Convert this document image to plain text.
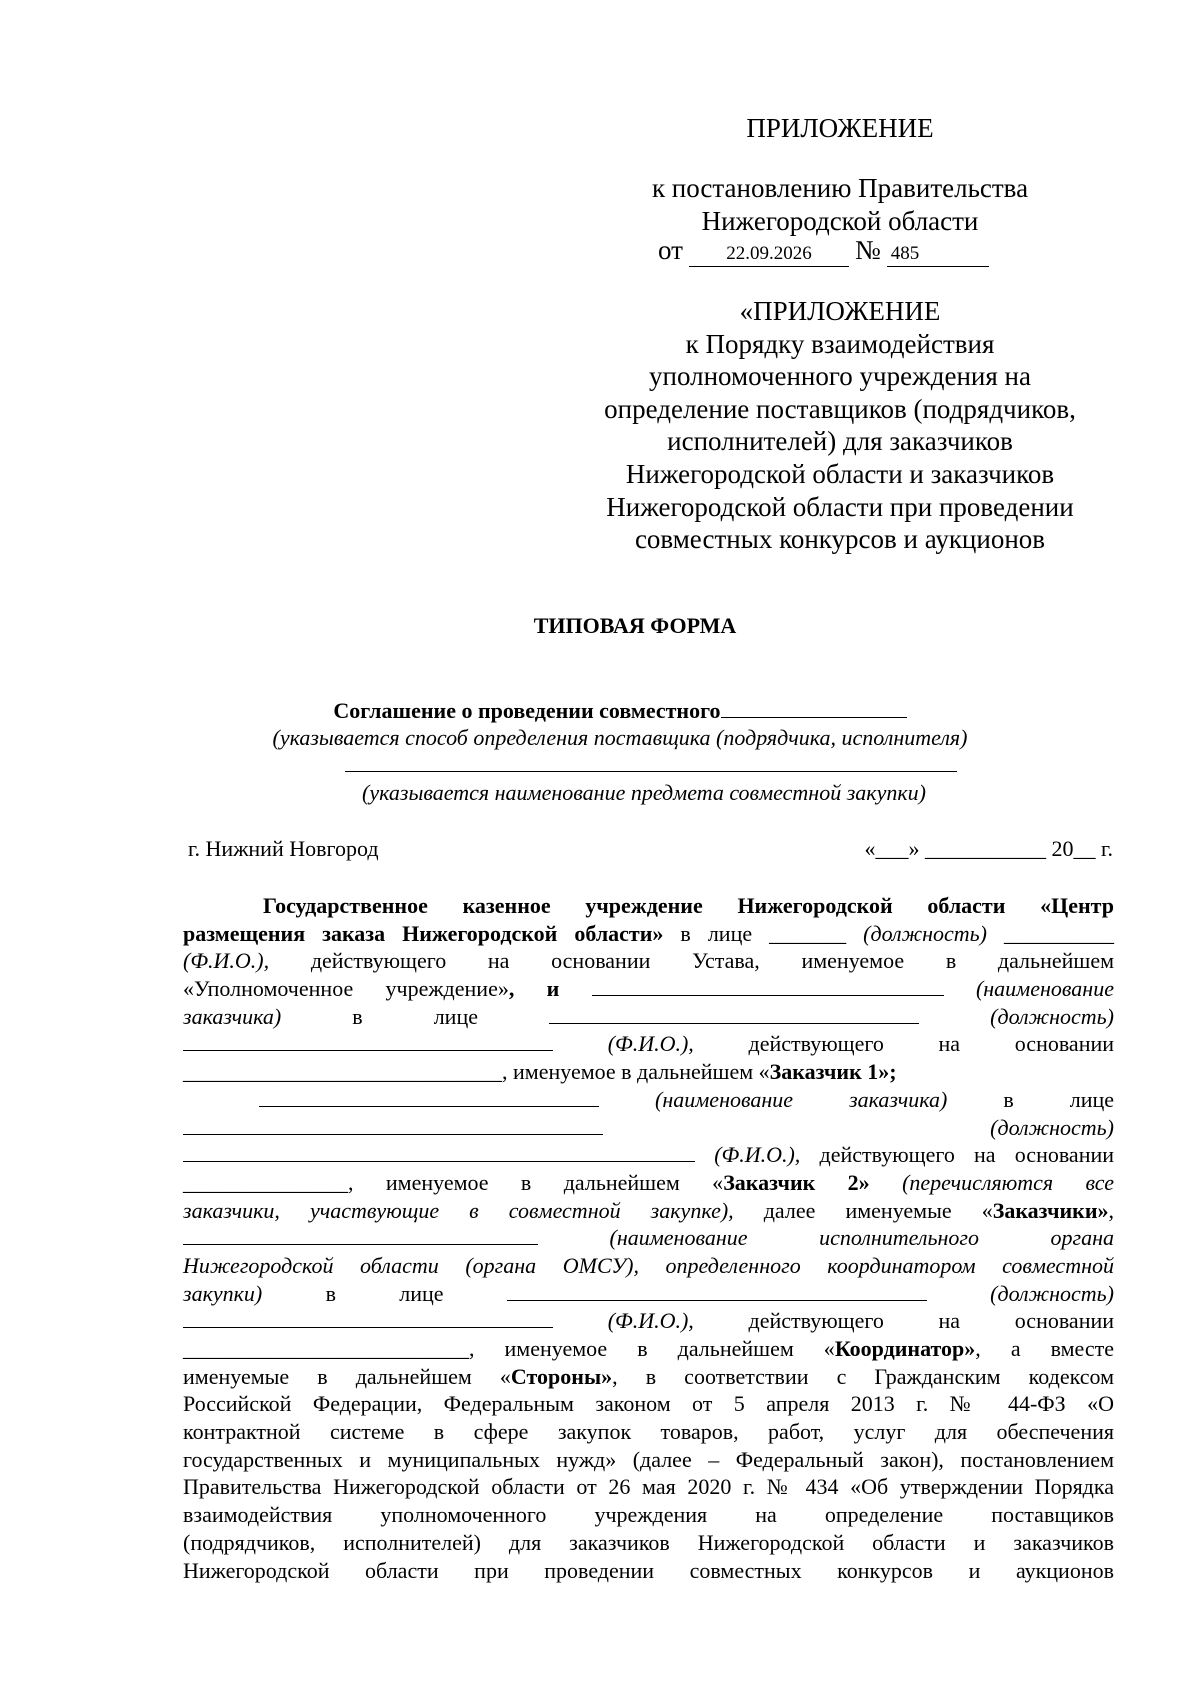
ПРИЛОЖЕНИЕ
к постановлению Правительства
Нижегородской области
от 22.09.2026 № 485
«ПРИЛОЖЕНИЕ
к Порядку взаимодействия
уполномоченного учреждения на
определение поставщиков (подрядчиков,
исполнителей) для заказчиков
Нижегородской области и заказчиков
Нижегородской области при проведении
совместных конкурсов и аукционов
ТИПОВАЯ ФОРМА
Соглашение о проведении совместного
(указывается способ определения поставщика (подрядчика, исполнителя)
(указывается наименование предмета совместной закупки)
г. Нижний Новгород	«___» ___________ 20__ г.
Государственное казенное учреждение Нижегородской области «Центр
размещения заказа Нижегородской области» в лице _______ (должность) __________
(Ф.И.О.), действующего на основании Устава, именуемое в дальнейшем
«Уполномоченное учреждение», и	(наименование
заказчика)	в лице	(должность)
(Ф.И.О.), действующего на основании
_____________________________, именуемое в дальнейшем «Заказчик 1»;
(наименование заказчика)	в лице
(должность)
(Ф.И.О.), действующего на основании
_______________, именуемое в дальнейшем «Заказчик 2» (перечисляются все
заказчики, участвующие в совместной закупке), далее именуемые «Заказчики»,
(наименование исполнительного органа
Нижегородской области (органа ОМСУ), определенного координатором совместной
закупки)	в лице	(должность)
(Ф.И.О.), действующего на основании
__________________________, именуемое в дальнейшем «Координатор», а вместе
именуемые в дальнейшем «Стороны», в соответствии с Гражданским кодексом
Российской Федерации, Федеральным законом от 5 апреля 2013 г. № 44-ФЗ «О
контрактной системе в сфере закупок товаров, работ, услуг для обеспечения
государственных и муниципальных нужд» (далее – Федеральный закон), постановлением
Правительства Нижегородской области от 26 мая 2020 г. № 434 «Об утверждении Порядка
взаимодействия уполномоченного учреждения на определение поставщиков
(подрядчиков, исполнителей) для заказчиков Нижегородской области и заказчиков
Нижегородской области при проведении совместных конкурсов и аукционов
